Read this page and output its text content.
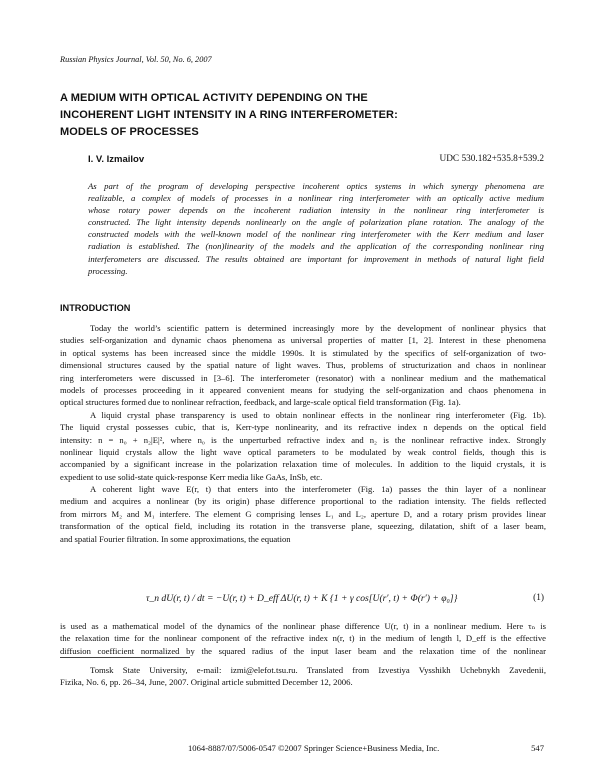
Russian Physics Journal, Vol. 50, No. 6, 2007
A MEDIUM WITH OPTICAL ACTIVITY DEPENDING ON THE
INCOHERENT LIGHT INTENSITY IN A RING INTERFEROMETER:
MODELS OF PROCESSES
I. V. Izmailov	UDC 530.182+535.8+539.2
As part of the program of developing perspective incoherent optics systems in which synergy phenomena are
realizable, a complex of models of processes in a nonlinear ring interferometer with an optically active medium
whose rotary power depends on the incoherent radiation intensity in the nonlinear ring interferometer is
constructed. The light intensity depends nonlinearly on the angle of polarization plane rotation. The analogy of the
constructed models with the well-known model of the nonlinear ring interferometer with the Kerr medium and laser
radiation is established. The (non)linearity of the models and the application of the corresponding nonlinear ring
interferometers are discussed. The results obtained are important for improvement in methods of natural light field
processing.
INTRODUCTION
Today the world’s scientific pattern is determined increasingly more by the development of nonlinear physics that
studies self-organization and dynamic chaos phenomena as universal properties of matter [1, 2]. Interest in these phenomena
in optical systems has been increased since the middle 1990s. It is stimulated by the specifics of self-organization of two-
dimensional structures caused by the spatial nature of light waves. Thus, problems of structurization and chaos in nonlinear
ring interferometers were discussed in [3–6]. The interferometer (resonator) with a nonlinear medium and the mathematical
models of processes proceeding in it appeared convenient means for studying the self-organization and chaos phenomena in
optical structures formed due to nonlinear refraction, feedback, and large-scale optical field transformation (Fig. 1a).
A liquid crystal phase transparency is used to obtain nonlinear effects in the nonlinear ring interferometer (Fig. 1b).
The liquid crystal possesses cubic, that is, Kerr-type nonlinearity, and its refractive index n depends on the optical field
intensity: n = n₀ + n₂|E|², where n₀ is the unperturbed refractive index and n₂ is the nonlinear refractive index. Strongly
nonlinear liquid crystals allow the light wave optical parameters to be modulated by weak control fields, though this is
accompanied by a significant increase in the polarization relaxation time of molecules. In addition to the liquid crystals, it is
expedient to use solid-state quick-response Kerr media like GaAs, InSb, etc.
A coherent light wave E(r, t) that enters into the interferometer (Fig. 1a) passes the thin layer of a nonlinear
medium and acquires a nonlinear (by its origin) phase difference proportional to the radiation intensity. The fields reflected
from mirrors M₂ and M₁ interfere. The element G comprising lenses L₁ and L₂, aperture D, and a rotary prism provides linear
transformation of the optical field, including its rotation in the transverse plane, squeezing, dilatation, shift of a laser beam,
and spatial Fourier filtration. In some approximations, the equation
τ_n dU(r, t) / dt = −U(r, t) + D_eff ΔU(r, t) + K {1 + γ cos[U(r′, t) + Φ(r′) + φ₀]}	(1)
is used as a mathematical model of the dynamics of the nonlinear phase difference U(r, t) in a nonlinear medium. Here τₙ is
the relaxation time for the nonlinear component of the refractive index n(r, t) in the medium of length l, D_eff is the effective
diffusion coefficient normalized by the squared radius of the input laser beam and the relaxation time of the nonlinear
Tomsk State University, e-mail: izmi@elefot.tsu.ru. Translated from Izvestiya Vysshikh Uchebnykh Zavedenii,
Fizika, No. 6, pp. 26–34, June, 2007. Original article submitted December 12, 2006.
1064-8887/07/5006-0547 ©2007 Springer Science+Business Media, Inc.	547
